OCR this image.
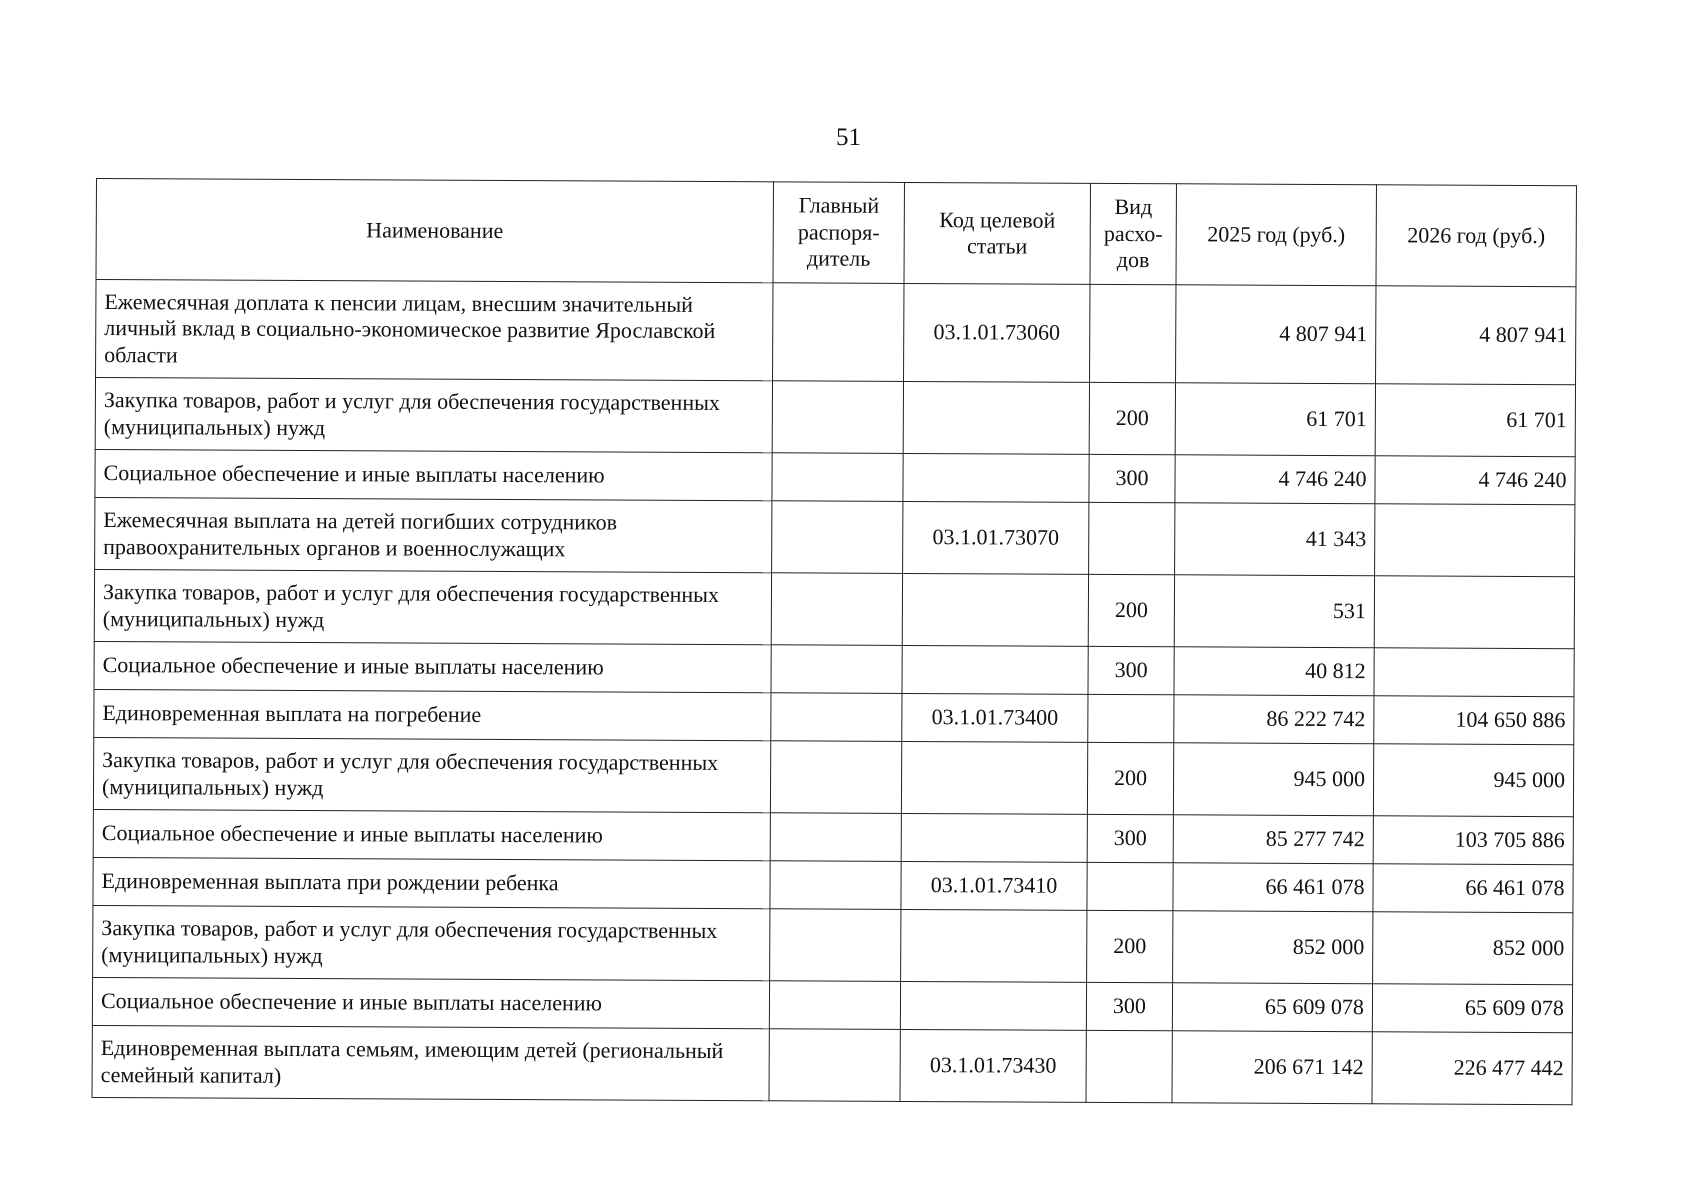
51
Наименование	Главный распоря-дитель	Код целевой статьи	Вид расхо-дов	2025 год (руб.)	2026 год (руб.)
Ежемесячная доплата к пенсии лицам, внесшим значительный личный вклад в социально-экономическое развитие Ярославской области		03.1.01.73060		4 807 941	4 807 941
Закупка товаров, работ и услуг для обеспечения государственных (муниципальных) нужд			200	61 701	61 701
Социальное обеспечение и иные выплаты населению			300	4 746 240	4 746 240
Ежемесячная выплата на детей погибших сотрудников правоохранительных органов и военнослужащих		03.1.01.73070		41 343	
Закупка товаров, работ и услуг для обеспечения государственных (муниципальных) нужд			200	531	
Социальное обеспечение и иные выплаты населению			300	40 812	
Единовременная выплата на погребение		03.1.01.73400		86 222 742	104 650 886
Закупка товаров, работ и услуг для обеспечения государственных (муниципальных) нужд			200	945 000	945 000
Социальное обеспечение и иные выплаты населению			300	85 277 742	103 705 886
Единовременная выплата при рождении ребенка		03.1.01.73410		66 461 078	66 461 078
Закупка товаров, работ и услуг для обеспечения государственных (муниципальных) нужд			200	852 000	852 000
Социальное обеспечение и иные выплаты населению			300	65 609 078	65 609 078
Единовременная выплата семьям, имеющим детей (региональный семейный капитал)		03.1.01.73430		206 671 142	226 477 442
